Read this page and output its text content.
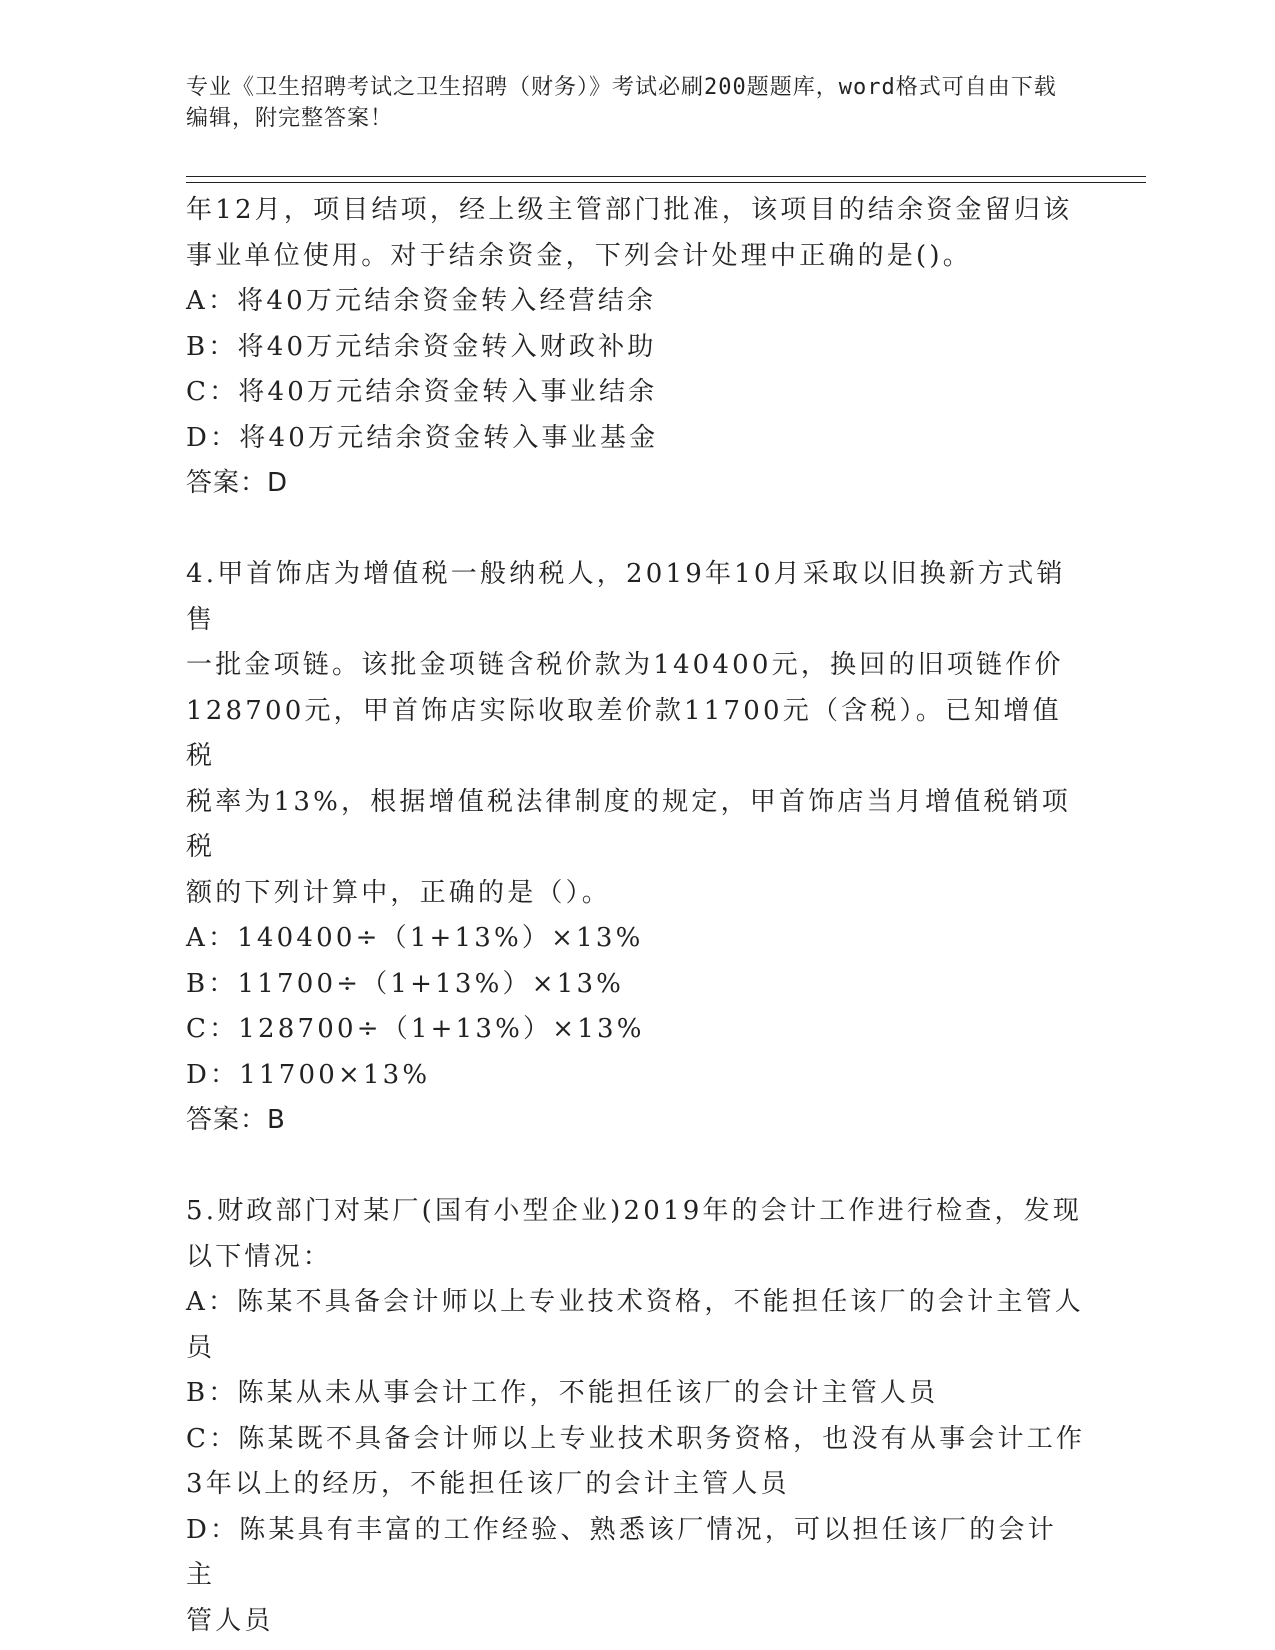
专业《卫生招聘考试之卫生招聘（财务）》考试必刷200题题库，word格式可自由下载编辑，附完整答案！

年12月，项目结项，经上级主管部门批准，该项目的结余资金留归该

事业单位使用。对于结余资金，下列会计处理中正确的是()。

A：将40万元结余资金转入经营结余

B：将40万元结余资金转入财政补助

C：将40万元结余资金转入事业结余

D：将40万元结余资金转入事业基金

答案：D

4.甲首饰店为增值税一般纳税人，2019年10月采取以旧换新方式销售

一批金项链。该批金项链含税价款为140400元，换回的旧项链作价

128700元，甲首饰店实际收取差价款11700元（含税）。已知增值税

税率为13%，根据增值税法律制度的规定，甲首饰店当月增值税销项税

额的下列计算中，正确的是（）。

A：140400÷（1+13%）×13%

B：11700÷（1+13%）×13%

C：128700÷（1+13%）×13%

D：11700×13%

答案：B

5.财政部门对某厂(国有小型企业)2019年的会计工作进行检查，发现

以下情况：

A：陈某不具备会计师以上专业技术资格，不能担任该厂的会计主管人

员

B：陈某从未从事会计工作，不能担任该厂的会计主管人员

C：陈某既不具备会计师以上专业技术职务资格，也没有从事会计工作

3年以上的经历，不能担任该厂的会计主管人员

D：陈某具有丰富的工作经验、熟悉该厂情况，可以担任该厂的会计主

管人员
